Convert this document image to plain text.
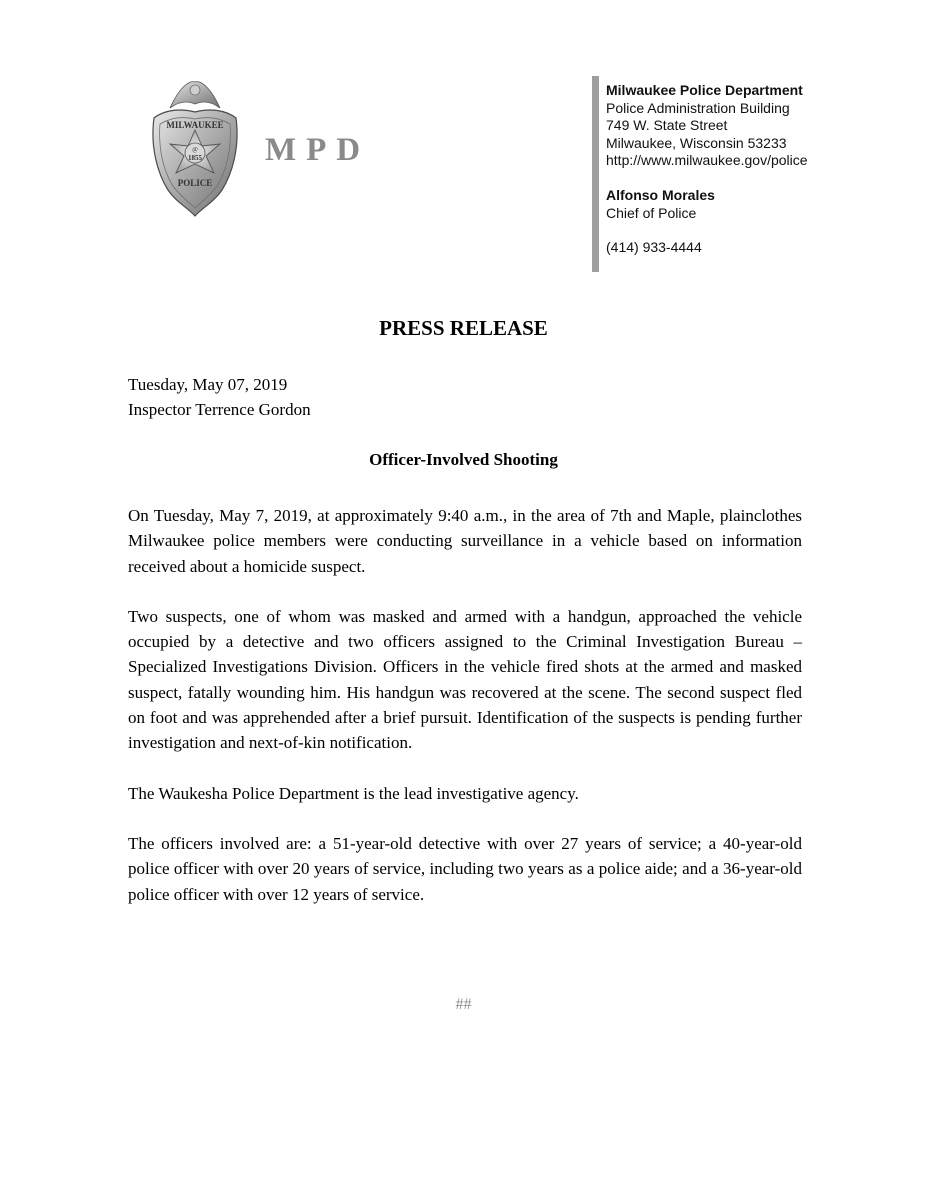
@
1855
MILWAUKEE
POLICE
MPD
Milwaukee Police Department
Police Administration Building
749 W. State Street
Milwaukee, Wisconsin 53233
http://www.milwaukee.gov/police
Alfonso Morales
Chief of Police
(414) 933-4444
PRESS RELEASE
Tuesday, May 07, 2019
Inspector Terrence Gordon
Officer-Involved Shooting

On Tuesday, May 7, 2019, at approximately 9:40 a.m., in the area of 7th and Maple, plainclothes Milwaukee police members were conducting surveillance in a vehicle based on information received about a homicide suspect.

Two suspects, one of whom was masked and armed with a handgun, approached the vehicle occupied by a detective and two officers assigned to the Criminal Investigation Bureau – Specialized Investigations Division. Officers in the vehicle fired shots at the armed and masked suspect, fatally wounding him. His handgun was recovered at the scene. The second suspect fled on foot and was apprehended after a brief pursuit. Identification of the suspects is pending further investigation and next-of-kin notification.

The Waukesha Police Department is the lead investigative agency.

The officers involved are: a 51-year-old detective with over 27 years of service; a 40-year-old police officer with over 20 years of service, including two years as a police aide; and a 36-year-old police officer with over 12 years of service.

##
